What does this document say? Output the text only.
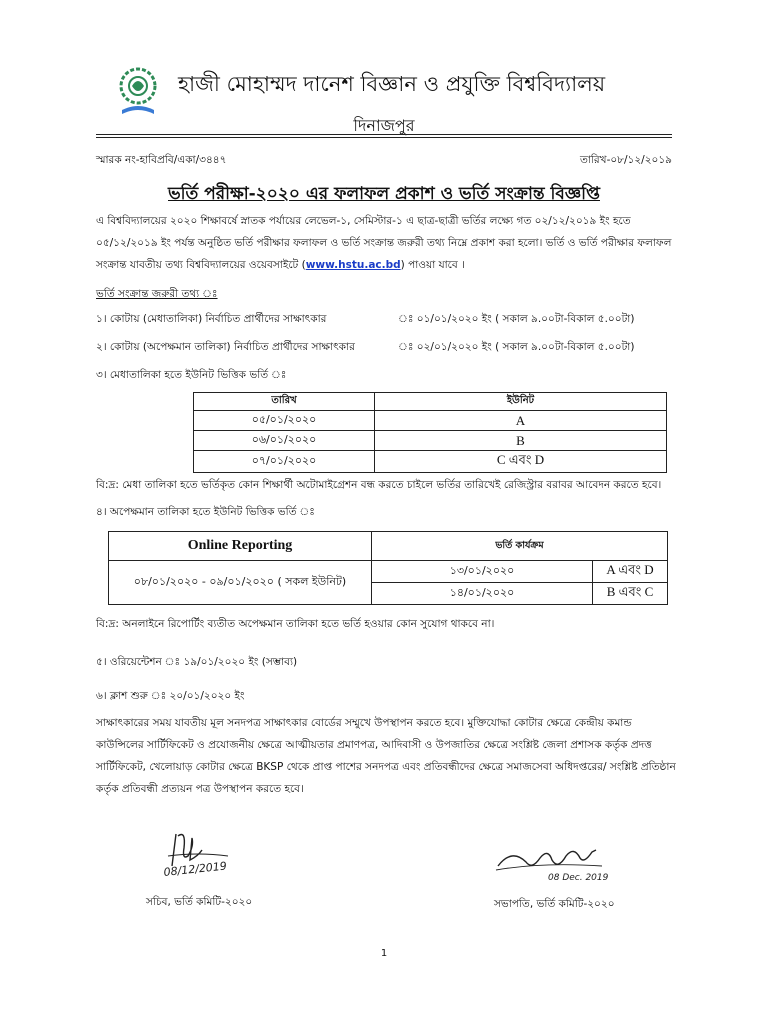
হাজী মোহাম্মদ দানেশ বিজ্ঞান ও প্রযুক্তি বিশ্ববিদ্যালয়
দিনাজপুর
স্মারক নং-হাবিপ্রবি/একা/৩৪৪৭	তারিখ-০৮/১২/২০১৯
ভর্তি পরীক্ষা-২০২০ এর ফলাফল প্রকাশ ও ভর্তি সংক্রান্ত বিজ্ঞপ্তি
এ বিশ্ববিদ্যালয়ের ২০২০ শিক্ষাবর্ষে স্নাতক পর্যায়ের লেভেল-১, সেমিস্টার-১ এ ছাত্র-ছাত্রী ভর্তির লক্ষ্যে গত ০২/১২/২০১৯ ইং হতে ০৫/১২/২০১৯ ইং পর্যন্ত অনুষ্ঠিত ভর্তি পরীক্ষার ফলাফল ও ভর্তি সংক্রান্ত জরুরী তথ্য নিম্নে প্রকাশ করা হলো। ভর্তি ও ভর্তি পরীক্ষার ফলাফল সংক্রান্ত যাবতীয় তথ্য বিশ্ববিদ্যালয়ের ওয়েবসাইটে (www.hstu.ac.bd) পাওয়া যাবে ।
ভর্তি সংক্রান্ত জরুরী তথ্য ঃ
১। কোটায় (মেধাতালিকা) নির্বাচিত প্রার্থীদের সাক্ষাৎকার	ঃ ০১/০১/২০২০ ইং ( সকাল ৯.০০টা-বিকাল ৫.০০টা)
২। কোটায় (অপেক্ষমান তালিকা) নির্বাচিত প্রার্থীদের সাক্ষাৎকার	ঃ ০২/০১/২০২০ ইং ( সকাল ৯.০০টা-বিকাল ৫.০০টা)
৩। মেধাতালিকা হতে ইউনিট ভিত্তিক ভর্তি ঃ
তারিখ	ইউনিট
০৫/০১/২০২০	A
০৬/০১/২০২০	B
০৭/০১/২০২০	C এবং D
বি:দ্র: মেধা তালিকা হতে ভর্তিকৃত কোন শিক্ষার্থী অটোমাইগ্রেশন বন্ধ করতে চাইলে ভর্তির তারিখেই রেজিস্ট্রার বরাবর আবেদন করতে হবে।
৪। অপেক্ষমান তালিকা হতে ইউনিট ভিত্তিক ভর্তি ঃ
Online Reporting	ভর্তি কার্যক্রম	
০৮/০১/২০২০ - ০৯/০১/২০২০ ( সকল ইউনিট)	১৩/০১/২০২০	A এবং D
	১৪/০১/২০২০	B এবং C
বি:দ্র: অনলাইনে রিপোর্টিং ব্যতীত অপেক্ষমান তালিকা হতে ভর্তি হওয়ার কোন সুযোগ থাকবে না।
৫। ওরিয়েন্টেশন ঃ ১৯/০১/২০২০ ইং (সম্ভাব্য)
৬। ক্লাশ শুরু ঃ ২০/০১/২০২০ ইং
সাক্ষাৎকারের সময় যাবতীয় মূল সনদপত্র সাক্ষাৎকার বোর্ডের সম্মুখে উপস্থাপন করতে হবে। মুক্তিযোদ্ধা কোটার ক্ষেত্রে কেন্দ্রীয় কমান্ড কাউন্সিলের সার্টিফিকেট ও প্রযোজনীয় ক্ষেত্রে আত্মীয়তার প্রমাণপত্র, আদিবাসী ও উপজাতির ক্ষেত্রে সংশ্লিষ্ট জেলা প্রশাসক কর্তৃক প্রদত্ত সার্টিফিকেট, খেলোয়াড় কোটার ক্ষেত্রে BKSP থেকে প্রাপ্ত পাশের সনদপত্র এবং প্রতিবন্ধীদের ক্ষেত্রে সমাজসেবা অধিদপ্তরের/ সংশ্লিষ্ট প্রতিষ্ঠান কর্তৃক প্রতিবন্ধী প্রত্যয়ন পত্র উপস্থাপন করতে হবে।
08/12/2019	08 Dec. 2019
সচিব, ভর্তি কমিটি-২০২০	সভাপতি, ভর্তি কমিটি-২০২০
1
